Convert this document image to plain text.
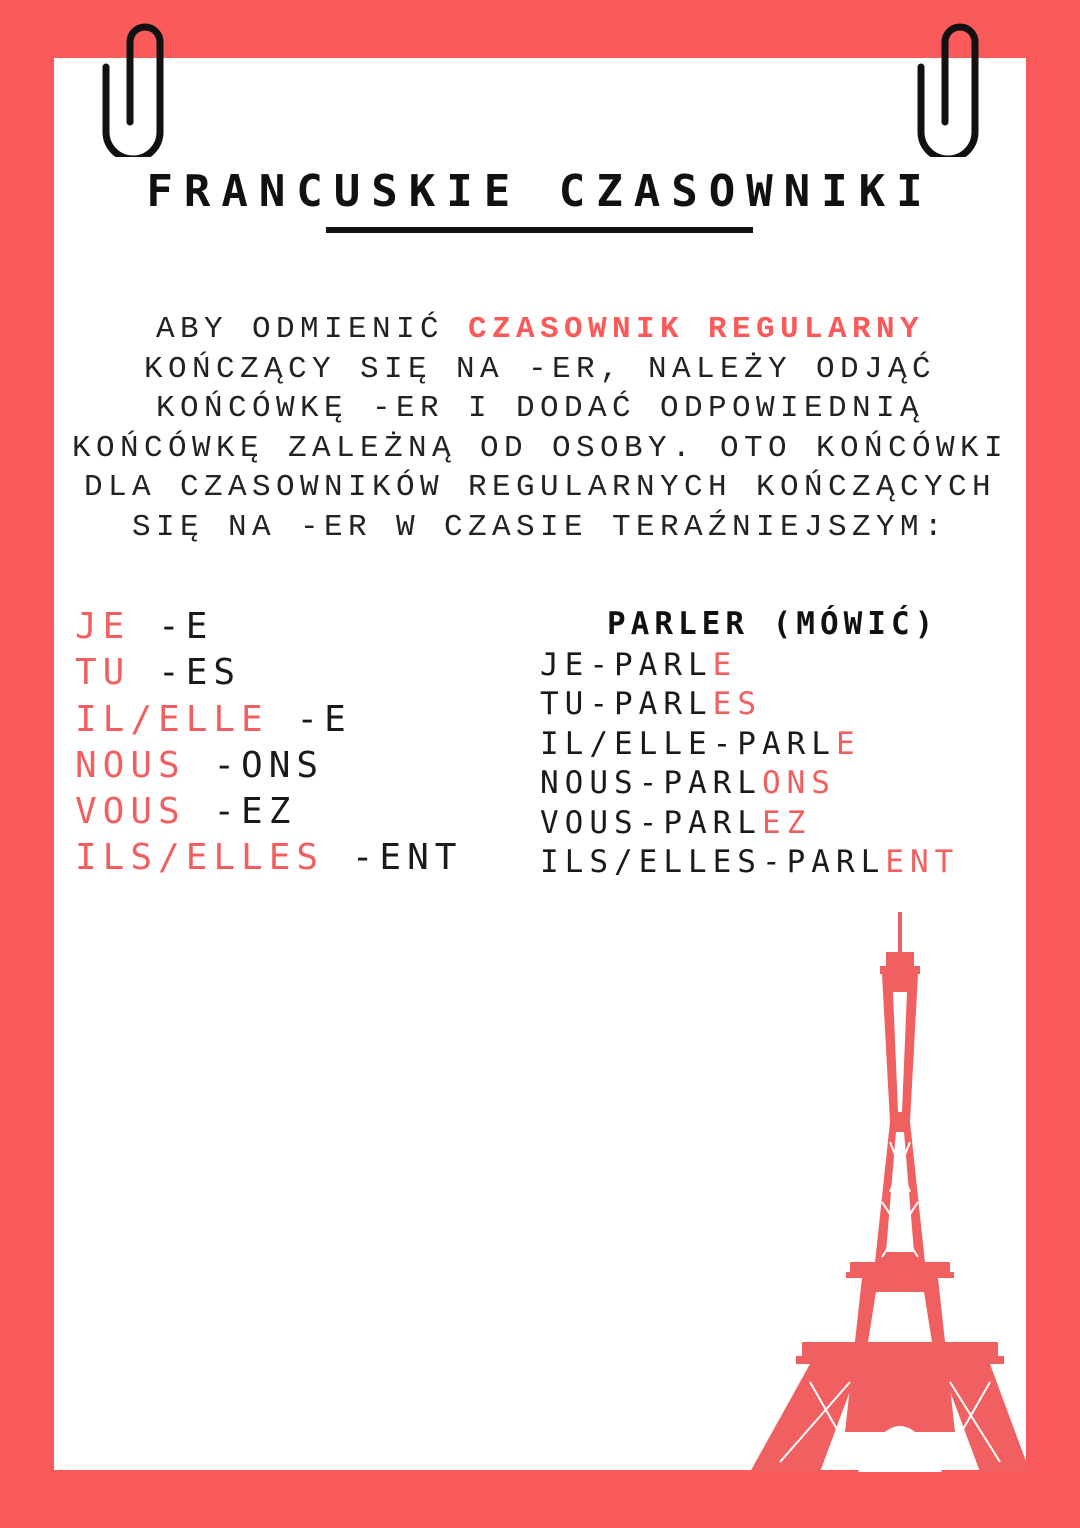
FRANCUSKIE CZASOWNIKI
ABY ODMIENIĆ CZASOWNIK REGULARNY KOŃCZĄCY SIĘ NA -ER, NALEŻY ODJĄĆ KOŃCÓWKĘ -ER I DODAĆ ODPOWIEDNIĄ KOŃCÓWKĘ ZALEŻNĄ OD OSOBY. OTO KOŃCÓWKI DLA CZASOWNIKÓW REGULARNYCH KOŃCZĄCYCH SIĘ NA -ER W CZASIE TERAŹNIEJSZYM:
JE -E
TU -ES
IL/ELLE -E
NOUS -ONS
VOUS -EZ
ILS/ELLES -ENT
PARLER (MÓWIĆ)
JE-PARLE
TU-PARLES
IL/ELLE-PARLE
NOUS-PARLONS
VOUS-PARLEZ
ILS/ELLES-PARLENT
